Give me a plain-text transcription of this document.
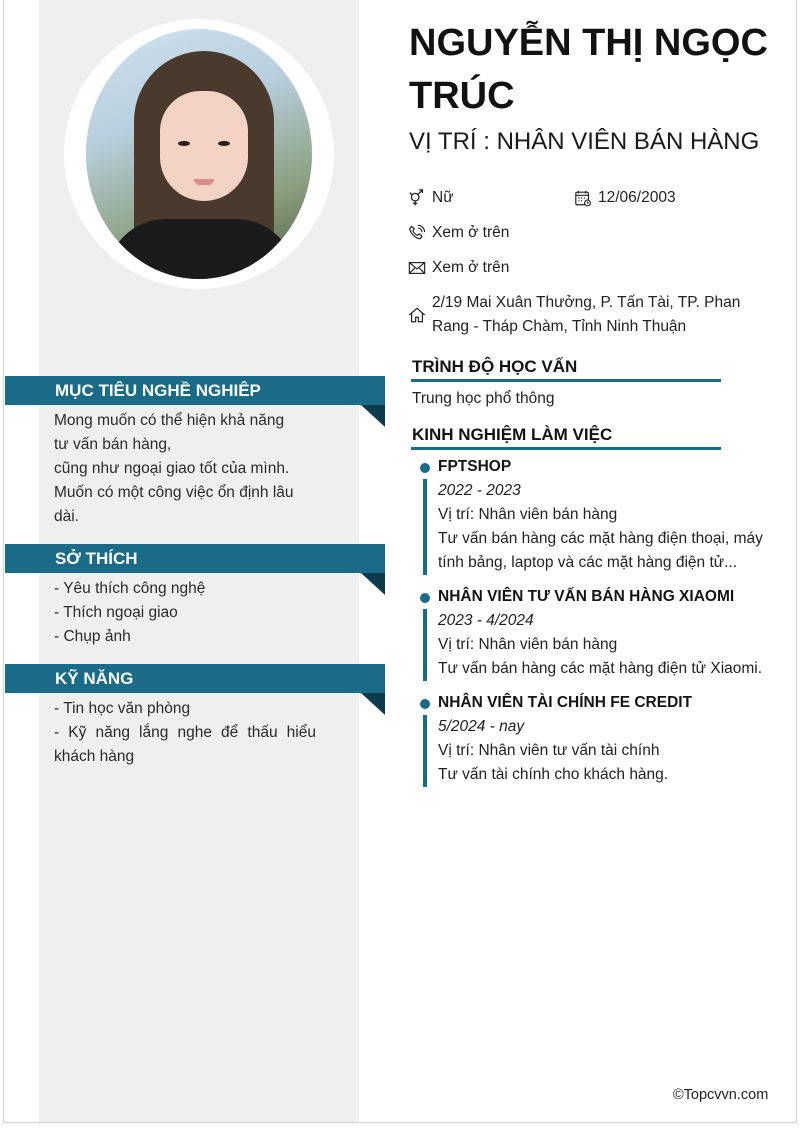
MỤC TIÊU NGHỀ NGHIÊP

Mong muốn có thể hiện khả năng

tư vấn bán hàng,

cũng như ngoại giao tốt của mình.

Muốn có một công việc ổn định lâu dài.

SỞ THÍCH

- Yêu thích công nghệ

- Thích ngoại giao

- Chụp ảnh

KỸ NĂNG

- Tin học văn phòng

- Kỹ năng lắng nghe để thấu hiểu khách hàng

NGUYỄN THỊ NGỌC TRÚC
VỊ TRÍ : NHÂN VIÊN BÁN HÀNG
Nữ	12/06/2003
Xem ở trên
Xem ở trên
2/19 Mai Xuân Thưởng, P. Tấn Tài, TP. Phan Rang - Tháp Chàm, Tỉnh Ninh Thuận
TRÌNH ĐỘ HỌC VẤN
Trung học phổ thông
KINH NGHIỆM LÀM VIỆC
FPTSHOP
2022 - 2023
Vị trí: Nhân viên bán hàng
Tư vấn bán hàng các mặt hàng điện thoại, máy tính bảng, laptop và các mặt hàng điện tử...
NHÂN VIÊN TƯ VẤN BÁN HÀNG XIAOMI
2023 - 4/2024
Vị trí: Nhân viên bán hàng
Tư vấn bán hàng các mặt hàng điện tử Xiaomi.
NHÂN VIÊN TÀI CHÍNH FE CREDIT
5/2024 - nay
Vị trí: Nhân viên tư vấn tài chính
Tư vấn tài chính cho khách hàng.
©Topcvvn.com
